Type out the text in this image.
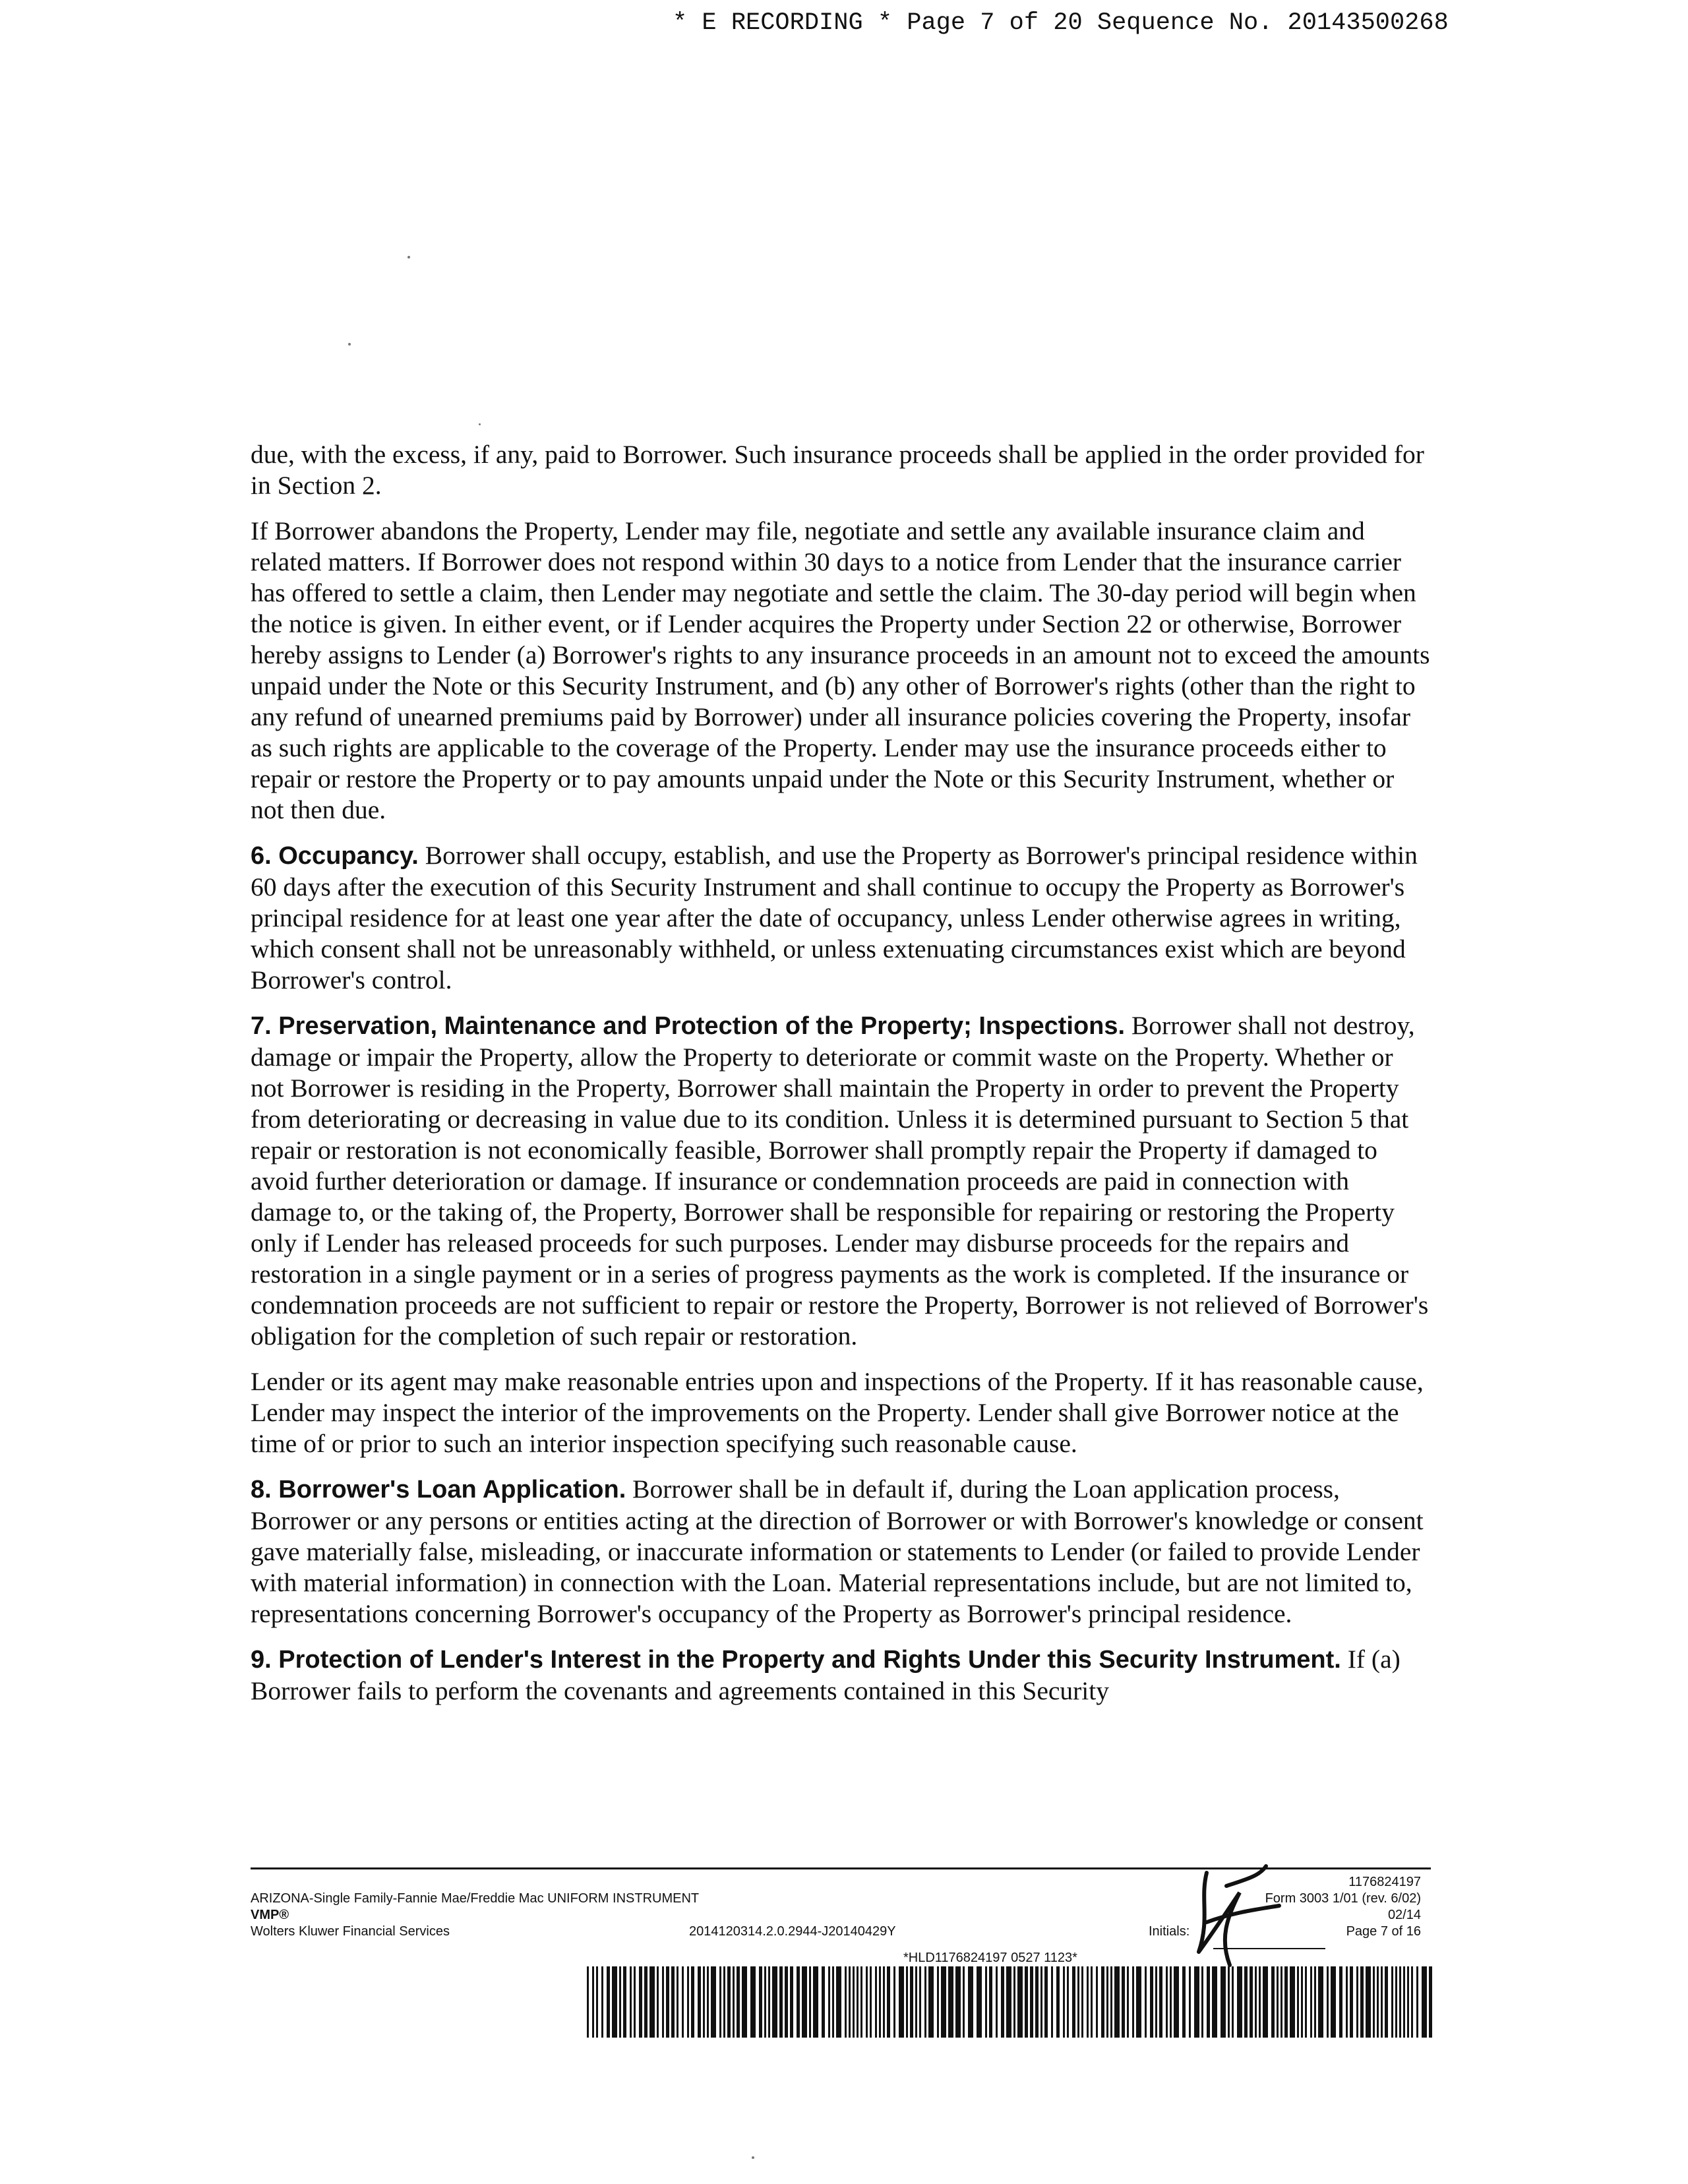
* E RECORDING * Page 7 of 20 Sequence No. 20143500268

due, with the excess, if any, paid to Borrower. Such insurance proceeds shall be applied in the order provided for in Section 2.

If Borrower abandons the Property, Lender may file, negotiate and settle any available insurance claim and related matters. If Borrower does not respond within 30 days to a notice from Lender that the insurance carrier has offered to settle a claim, then Lender may negotiate and settle the claim. The 30-day period will begin when the notice is given. In either event, or if Lender acquires the Property under Section 22 or otherwise, Borrower hereby assigns to Lender (a) Borrower's rights to any insurance proceeds in an amount not to exceed the amounts unpaid under the Note or this Security Instrument, and (b) any other of Borrower's rights (other than the right to any refund of unearned premiums paid by Borrower) under all insurance policies covering the Property, insofar as such rights are applicable to the coverage of the Property. Lender may use the insurance proceeds either to repair or restore the Property or to pay amounts unpaid under the Note or this Security Instrument, whether or not then due.

6. Occupancy. Borrower shall occupy, establish, and use the Property as Borrower's principal residence within 60 days after the execution of this Security Instrument and shall continue to occupy the Property as Borrower's principal residence for at least one year after the date of occupancy, unless Lender otherwise agrees in writing, which consent shall not be unreasonably withheld, or unless extenuating circumstances exist which are beyond Borrower's control.

7. Preservation, Maintenance and Protection of the Property; Inspections. Borrower shall not destroy, damage or impair the Property, allow the Property to deteriorate or commit waste on the Property. Whether or not Borrower is residing in the Property, Borrower shall maintain the Property in order to prevent the Property from deteriorating or decreasing in value due to its condition. Unless it is determined pursuant to Section 5 that repair or restoration is not economically feasible, Borrower shall promptly repair the Property if damaged to avoid further deterioration or damage. If insurance or condemnation proceeds are paid in connection with damage to, or the taking of, the Property, Borrower shall be responsible for repairing or restoring the Property only if Lender has released proceeds for such purposes. Lender may disburse proceeds for the repairs and restoration in a single payment or in a series of progress payments as the work is completed. If the insurance or condemnation proceeds are not sufficient to repair or restore the Property, Borrower is not relieved of Borrower's obligation for the completion of such repair or restoration.

Lender or its agent may make reasonable entries upon and inspections of the Property. If it has reasonable cause, Lender may inspect the interior of the improvements on the Property. Lender shall give Borrower notice at the time of or prior to such an interior inspection specifying such reasonable cause.

8. Borrower's Loan Application. Borrower shall be in default if, during the Loan application process, Borrower or any persons or entities acting at the direction of Borrower or with Borrower's knowledge or consent gave materially false, misleading, or inaccurate information or statements to Lender (or failed to provide Lender with material information) in connection with the Loan. Material representations include, but are not limited to, representations concerning Borrower's occupancy of the Property as Borrower's principal residence.

9. Protection of Lender's Interest in the Property and Rights Under this Security Instrument. If (a) Borrower fails to perform the covenants and agreements contained in this Security

1176824197
ARIZONA-Single Family-Fannie Mae/Freddie Mac UNIFORM INSTRUMENT	Form 3003 1/01 (rev. 6/02)
VMP®	02/14
Wolters Kluwer Financial Services	2014120314.2.0.2944-J20140429Y	Initials:	Page 7 of 16
*HLD1176824197 0527 1123*
